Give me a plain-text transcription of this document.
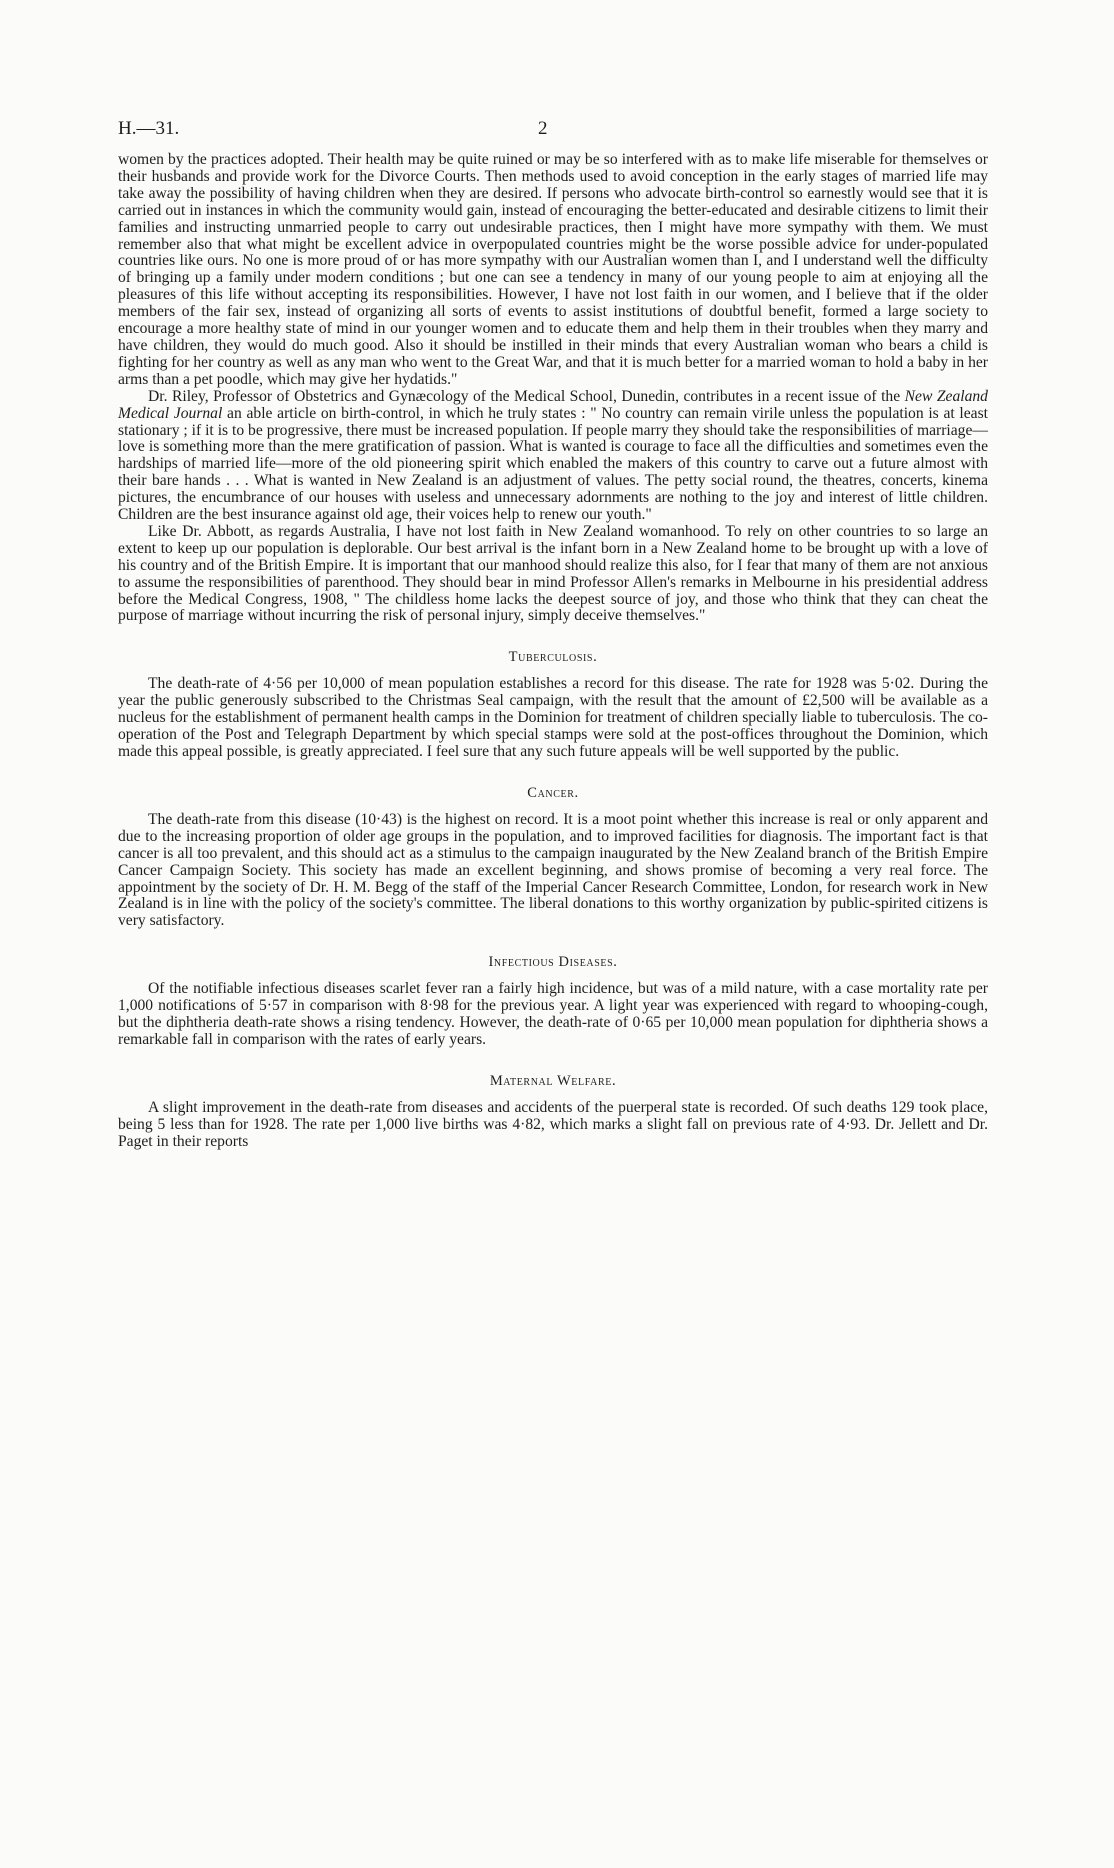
H.—31.	2

women by the practices adopted. Their health may be quite ruined or may be so interfered with as to make life miserable for themselves or their husbands and provide work for the Divorce Courts. Then methods used to avoid conception in the early stages of married life may take away the possibility of having children when they are desired. If persons who advocate birth-control so earnestly would see that it is carried out in instances in which the community would gain, instead of encouraging the better-educated and desirable citizens to limit their families and instructing unmarried people to carry out undesirable practices, then I might have more sympathy with them. We must remember also that what might be excellent advice in overpopulated countries might be the worse possible advice for under-populated countries like ours. No one is more proud of or has more sympathy with our Australian women than I, and I understand well the difficulty of bringing up a family under modern conditions ; but one can see a tendency in many of our young people to aim at enjoying all the pleasures of this life without accepting its responsibilities. However, I have not lost faith in our women, and I believe that if the older members of the fair sex, instead of organizing all sorts of events to assist institutions of doubtful benefit, formed a large society to encourage a more healthy state of mind in our younger women and to educate them and help them in their troubles when they marry and have children, they would do much good. Also it should be instilled in their minds that every Australian woman who bears a child is fighting for her country as well as any man who went to the Great War, and that it is much better for a married woman to hold a baby in her arms than a pet poodle, which may give her hydatids."

Dr. Riley, Professor of Obstetrics and Gynæcology of the Medical School, Dunedin, contributes in a recent issue of the New Zealand Medical Journal an able article on birth-control, in which he truly states : " No country can remain virile unless the population is at least stationary ; if it is to be progressive, there must be increased population. If people marry they should take the responsibilities of marriage—love is something more than the mere gratification of passion. What is wanted is courage to face all the difficulties and sometimes even the hardships of married life—more of the old pioneering spirit which enabled the makers of this country to carve out a future almost with their bare hands . . . What is wanted in New Zealand is an adjustment of values. The petty social round, the theatres, concerts, kinema pictures, the encumbrance of our houses with useless and unnecessary adornments are nothing to the joy and interest of little children. Children are the best insurance against old age, their voices help to renew our youth."

Like Dr. Abbott, as regards Australia, I have not lost faith in New Zealand womanhood. To rely on other countries to so large an extent to keep up our population is deplorable. Our best arrival is the infant born in a New Zealand home to be brought up with a love of his country and of the British Empire. It is important that our manhood should realize this also, for I fear that many of them are not anxious to assume the responsibilities of parenthood. They should bear in mind Professor Allen's remarks in Melbourne in his presidential address before the Medical Congress, 1908, " The childless home lacks the deepest source of joy, and those who think that they can cheat the purpose of marriage without incurring the risk of personal injury, simply deceive themselves."

Tuberculosis.

The death-rate of 4·56 per 10,000 of mean population establishes a record for this disease. The rate for 1928 was 5·02. During the year the public generously subscribed to the Christmas Seal campaign, with the result that the amount of £2,500 will be available as a nucleus for the establishment of permanent health camps in the Dominion for treatment of children specially liable to tuberculosis. The co-operation of the Post and Telegraph Department by which special stamps were sold at the post-offices throughout the Dominion, which made this appeal possible, is greatly appreciated. I feel sure that any such future appeals will be well supported by the public.

Cancer.

The death-rate from this disease (10·43) is the highest on record. It is a moot point whether this increase is real or only apparent and due to the increasing proportion of older age groups in the population, and to improved facilities for diagnosis. The important fact is that cancer is all too prevalent, and this should act as a stimulus to the campaign inaugurated by the New Zealand branch of the British Empire Cancer Campaign Society. This society has made an excellent beginning, and shows promise of becoming a very real force. The appointment by the society of Dr. H. M. Begg of the staff of the Imperial Cancer Research Committee, London, for research work in New Zealand is in line with the policy of the society's committee. The liberal donations to this worthy organization by public-spirited citizens is very satisfactory.

Infectious Diseases.

Of the notifiable infectious diseases scarlet fever ran a fairly high incidence, but was of a mild nature, with a case mortality rate per 1,000 notifications of 5·57 in comparison with 8·98 for the previous year. A light year was experienced with regard to whooping-cough, but the diphtheria death-rate shows a rising tendency. However, the death-rate of 0·65 per 10,000 mean population for diphtheria shows a remarkable fall in comparison with the rates of early years.

Maternal Welfare.

A slight improvement in the death-rate from diseases and accidents of the puerperal state is recorded. Of such deaths 129 took place, being 5 less than for 1928. The rate per 1,000 live births was 4·82, which marks a slight fall on previous rate of 4·93. Dr. Jellett and Dr. Paget in their reports
